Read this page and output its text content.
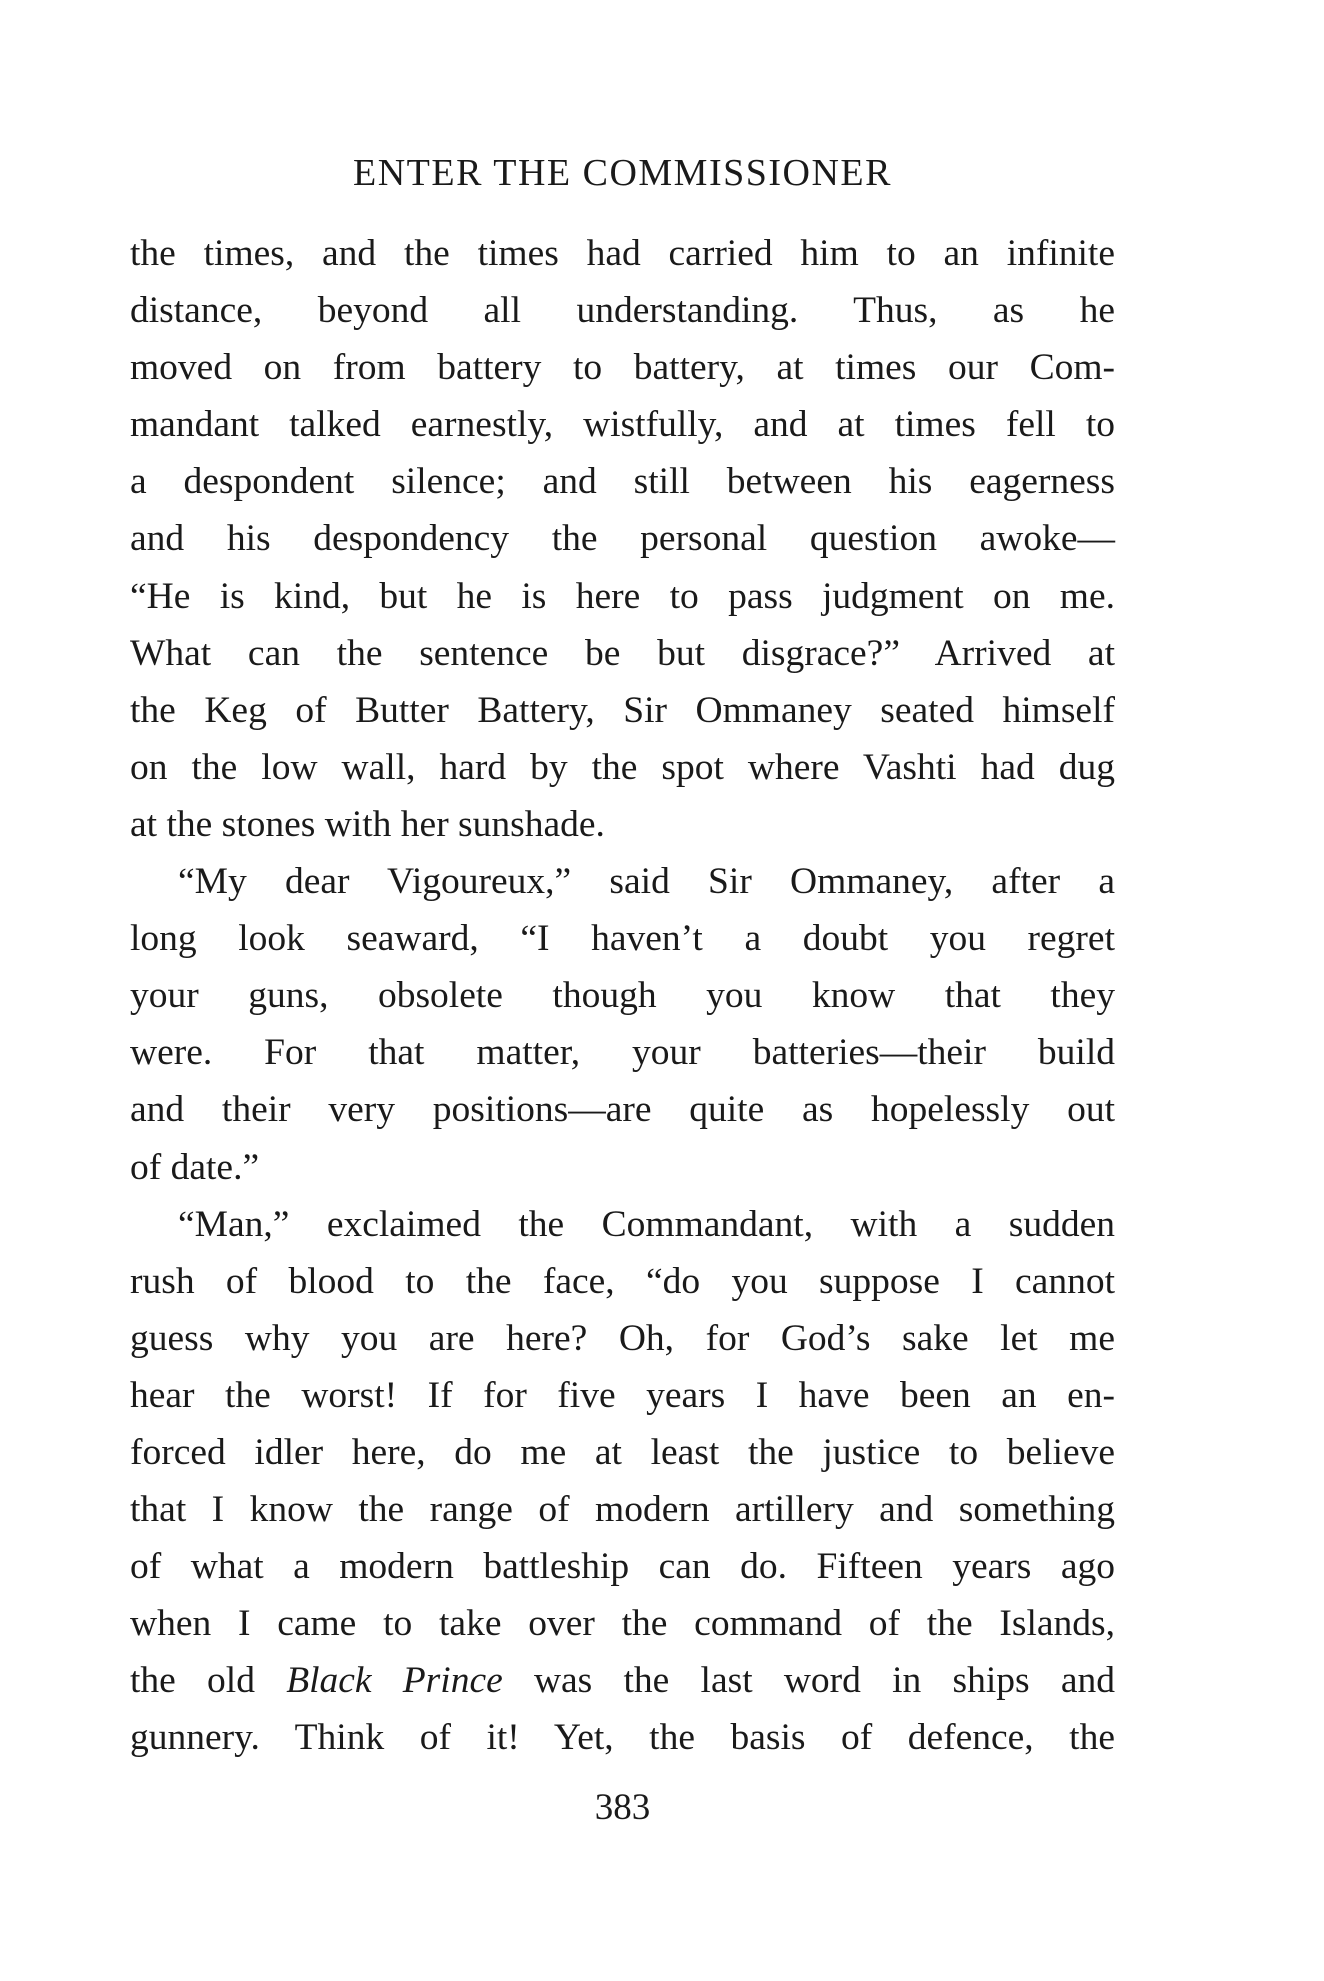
ENTER THE COMMISSIONER
the times, and the times had carried him to an infinite
distance, beyond all understanding. Thus, as he
moved on from battery to battery, at times our Com-
mandant talked earnestly, wistfully, and at times fell to
a despondent silence; and still between his eagerness
and his despondency the personal question awoke—
“He is kind, but he is here to pass judgment on me.
What can the sentence be but disgrace?” Arrived at
the Keg of Butter Battery, Sir Ommaney seated himself
on the low wall, hard by the spot where Vashti had dug
at the stones with her sunshade.
“My dear Vigoureux,” said Sir Ommaney, after a
long look seaward, “I haven’t a doubt you regret
your guns, obsolete though you know that they
were. For that matter, your batteries—their build
and their very positions—are quite as hopelessly out
of date.”
“Man,” exclaimed the Commandant, with a sudden
rush of blood to the face, “do you suppose I cannot
guess why you are here? Oh, for God’s sake let me
hear the worst! If for five years I have been an en-
forced idler here, do me at least the justice to believe
that I know the range of modern artillery and something
of what a modern battleship can do. Fifteen years ago
when I came to take over the command of the Islands,
the old Black Prince was the last word in ships and
gunnery. Think of it! Yet, the basis of defence, the
383
